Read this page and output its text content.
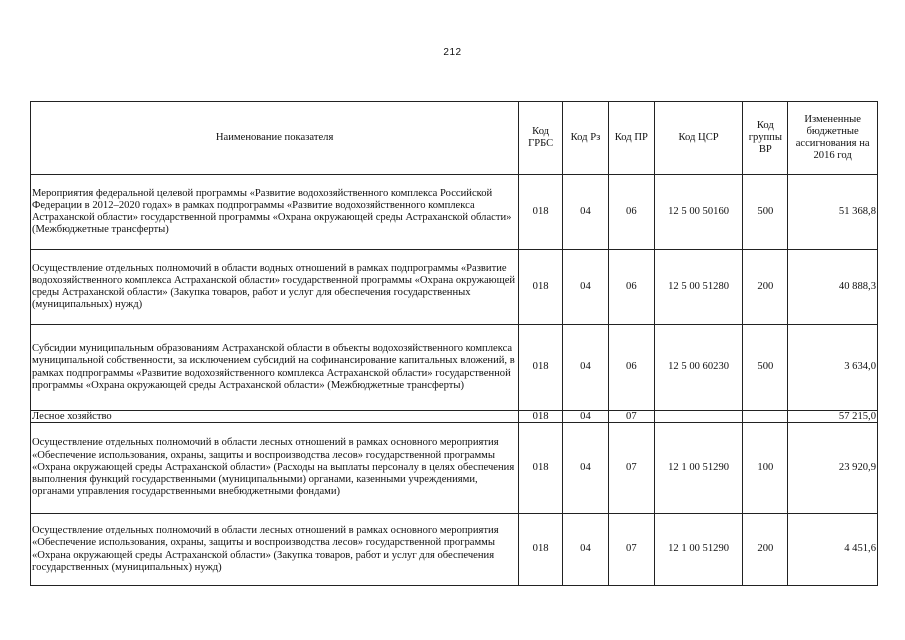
212
Наименование показателя	Код ГРБС	Код Рз	Код ПР	Код ЦСР	Код группы ВР	Измененные бюджетные ассигнования на 2016 год
Мероприятия федеральной целевой программы «Развитие водохозяйственного комплекса Российской Федерации в 2012–2020 годах» в рамках подпрограммы «Развитие водохозяйственного комплекса Астраханской области» государственной программы «Охрана окружающей среды Астраханской области» (Межбюджетные трансферты)	018	04	06	12 5 00 50160	500	51 368,8
Осуществление отдельных полномочий в области водных отношений в рамках подпрограммы «Развитие водохозяйственного комплекса Астраханской области» государственной программы «Охрана окружающей среды Астраханской области» (Закупка товаров, работ и услуг для обеспечения государственных (муниципальных) нужд)	018	04	06	12 5 00 51280	200	40 888,3
Субсидии муниципальным образованиям Астраханской области в объекты водохозяйственного комплекса муниципальной собственности, за исключением субсидий на софинансирование капитальных вложений, в рамках подпрограммы «Развитие водохозяйственного комплекса Астраханской области» государственной программы «Охрана окружающей среды Астраханской области» (Межбюджетные трансферты)	018	04	06	12 5 00 60230	500	3 634,0
Лесное хозяйство	018	04	07			57 215,0
Осуществление отдельных полномочий в области лесных отношений в рамках основного мероприятия «Обеспечение использования, охраны, защиты и воспроизводства лесов» государственной программы «Охрана окружающей среды Астраханской области» (Расходы на выплаты персоналу в целях обеспечения выполнения функций государственными (муниципальными) органами, казенными учреждениями, органами управления государственными внебюджетными фондами)	018	04	07	12 1 00 51290	100	23 920,9
Осуществление отдельных полномочий в области лесных отношений в рамках основного мероприятия «Обеспечение использования, охраны, защиты и воспроизводства лесов» государственной программы «Охрана окружающей среды Астраханской области» (Закупка товаров, работ и услуг для обеспечения государственных (муниципальных) нужд)	018	04	07	12 1 00 51290	200	4 451,6
